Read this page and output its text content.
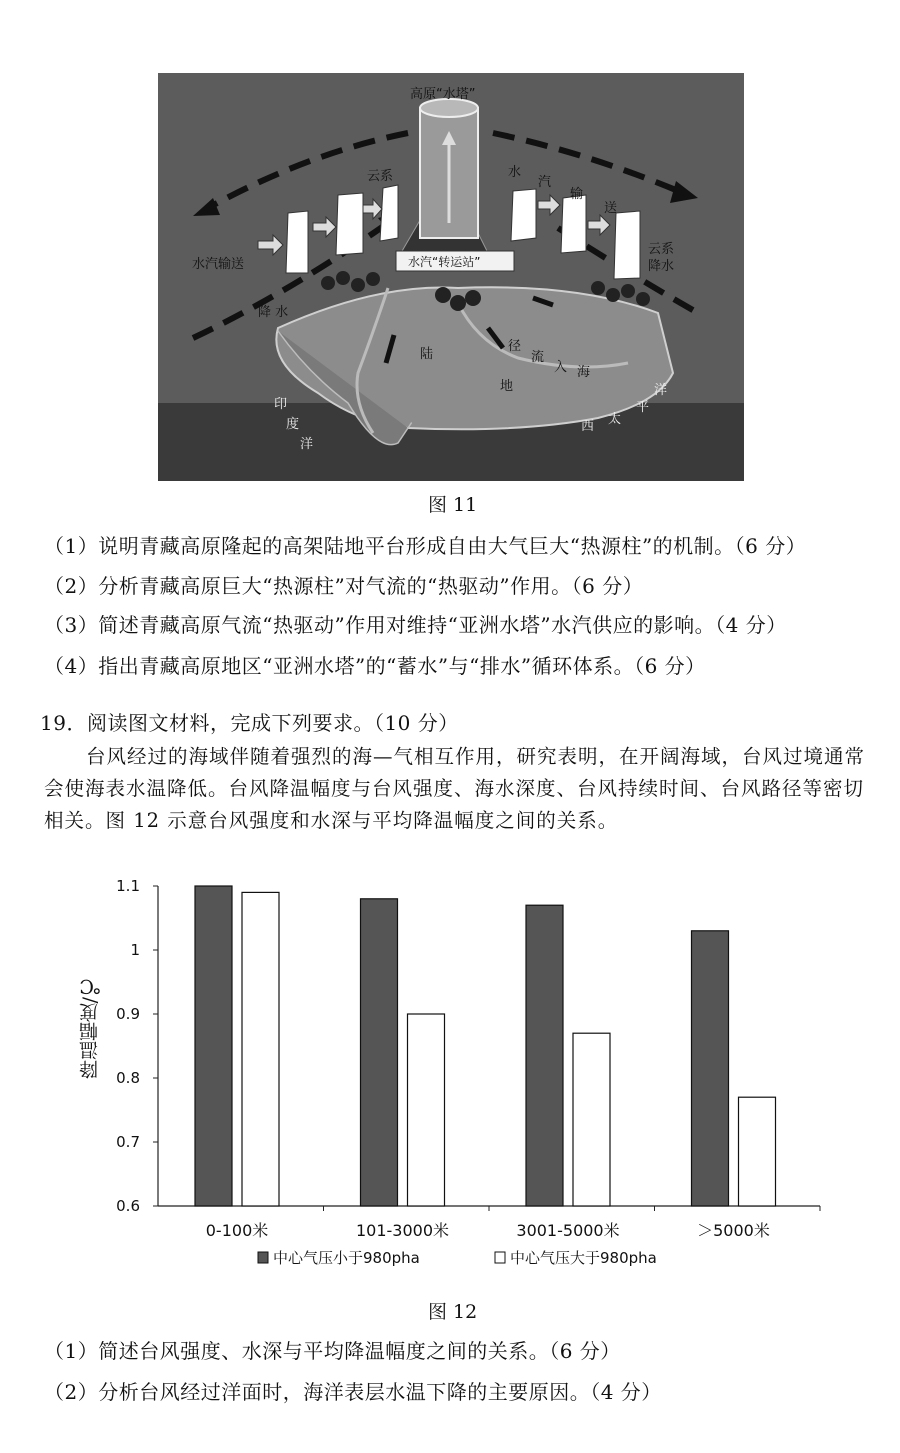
高原“水塔”
云系
水汽输送
降 水
水汽“转运站”
水
汽
输
送
云系
降水
径
流
入 海
陆
地
印
度
洋
西 太
平
洋
图 11
（1）说明青藏高原隆起的高架陆地平台形成自由大气巨大“热源柱”的机制。（6 分）
（2）分析青藏高原巨大“热源柱”对气流的“热驱动”作用。（6 分）
（3）简述青藏高原气流“热驱动”作用对维持“亚洲水塔”水汽供应的影响。（4 分）
（4）指出青藏高原地区“亚洲水塔”的“蓄水”与“排水”循环体系。（6 分）
19．阅读图文材料，完成下列要求。（10 分）
台风经过的海域伴随着强烈的海—气相互作用，研究表明，在开阔海域，台风过境通常会使海表水温降低。台风降温幅度与台风强度、海水深度、台风持续时间、台风路径等密切相关。图 12 示意台风强度和水深与平均降温幅度之间的关系。
1.1
1
0.9
0.8
0.7
0.6
0-100米	101-3000米	3001-5000米	＞5000米
中心气压小于980pha	中心气压大于980pha
降温幅度/℃
图 12
（1）简述台风强度、水深与平均降温幅度之间的关系。（6 分）
（2）分析台风经过洋面时，海洋表层水温下降的主要原因。（4 分）
